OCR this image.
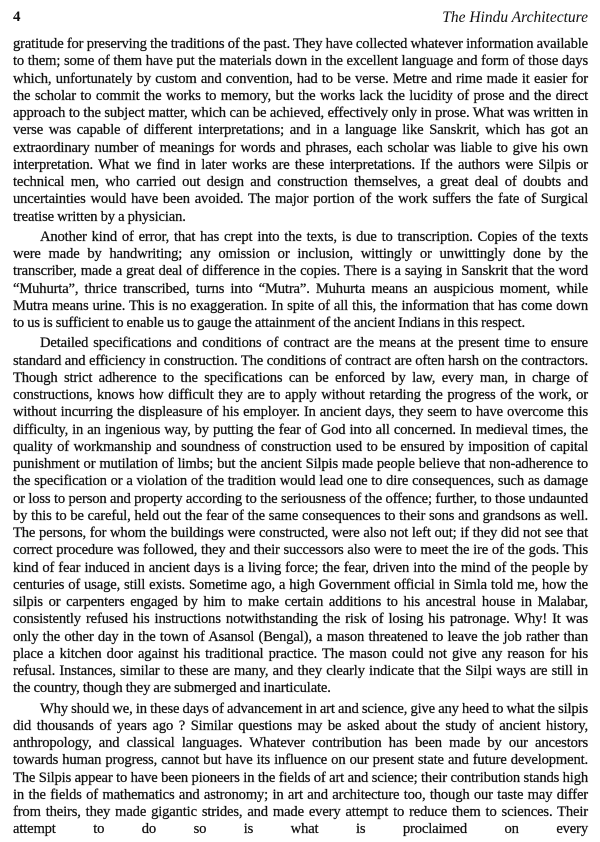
4	The Hindu Architecture

gratitude for preserving the traditions of the past. They have collected whatever information available to them; some of them have put the materials down in the excellent language and form of those days which, unfortunately by custom and convention, had to be verse. Metre and rime made it easier for the scholar to commit the works to memory, but the works lack the lucidity of prose and the direct approach to the subject matter, which can be achieved, effectively only in prose. What was written in verse was capable of different interpretations; and in a language like Sanskrit, which has got an extraordinary number of meanings for words and phrases, each scholar was liable to give his own interpretation. What we find in later works are these interpretations. If the authors were Silpis or technical men, who carried out design and construction themselves, a great deal of doubts and uncertainties would have been avoided. The major portion of the work suffers the fate of Surgical treatise written by a physician.

Another kind of error, that has crept into the texts, is due to transcription. Copies of the texts were made by handwriting; any omission or inclusion, wittingly or unwittingly done by the transcriber, made a great deal of difference in the copies. There is a saying in Sanskrit that the word “Muhurta”, thrice transcribed, turns into “Mutra”. Muhurta means an auspicious moment, while Mutra means urine. This is no exaggeration. In spite of all this, the information that has come down to us is sufficient to enable us to gauge the attainment of the ancient Indians in this respect.

Detailed specifications and conditions of contract are the means at the present time to ensure standard and efficiency in construction. The conditions of contract are often harsh on the contractors. Though strict adherence to the specifications can be enforced by law, every man, in charge of constructions, knows how difficult they are to apply without retarding the progress of the work, or without incurring the displeasure of his employer. In ancient days, they seem to have overcome this difficulty, in an ingenious way, by putting the fear of God into all concerned. In medieval times, the quality of workmanship and soundness of construction used to be ensured by imposition of capital punishment or mutilation of limbs; but the ancient Silpis made people believe that non-adherence to the specification or a violation of the tradition would lead one to dire consequences, such as damage or loss to person and property according to the seriousness of the offence; further, to those undaunted by this to be careful, held out the fear of the same consequences to their sons and grandsons as well. The persons, for whom the buildings were constructed, were also not left out; if they did not see that correct procedure was followed, they and their successors also were to meet the ire of the gods. This kind of fear induced in ancient days is a living force; the fear, driven into the mind of the people by centuries of usage, still exists. Sometime ago, a high Government official in Simla told me, how the silpis or carpenters engaged by him to make certain additions to his ancestral house in Malabar, consistently refused his instructions notwithstanding the risk of losing his patronage. Why! It was only the other day in the town of Asansol (Bengal), a mason threatened to leave the job rather than place a kitchen door against his traditional practice. The mason could not give any reason for his refusal. Instances, similar to these are many, and they clearly indicate that the Silpi ways are still in the country, though they are submerged and inarticulate.

Why should we, in these days of advancement in art and science, give any heed to what the silpis did thousands of years ago ? Similar questions may be asked about the study of ancient history, anthropology, and classical languages. Whatever contribution has been made by our ancestors towards human progress, cannot but have its influence on our present state and future development. The Silpis appear to have been pioneers in the fields of art and science; their contribution stands high in the fields of mathematics and astronomy; in art and architecture too, though our taste may differ from theirs, they made gigantic strides, and made every attempt to reduce them to sciences. Their attempt to do so is what is proclaimed on every
